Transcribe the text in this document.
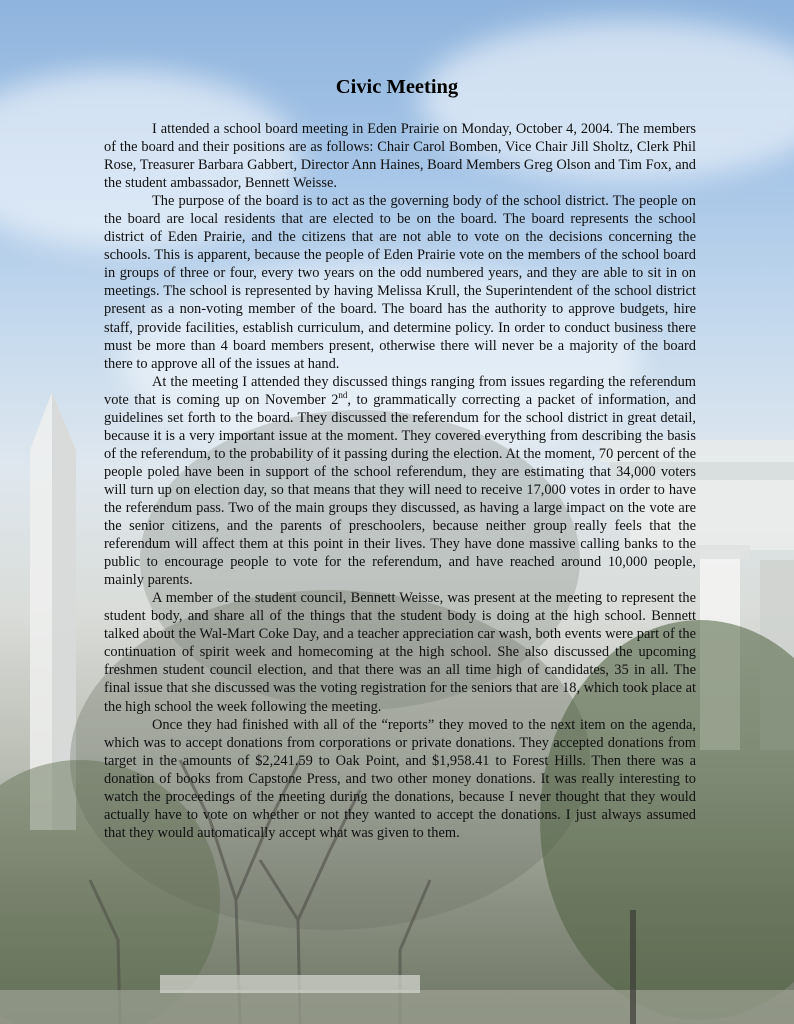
Civic Meeting

I attended a school board meeting in Eden Prairie on Monday, October 4, 2004. The members of the board and their positions are as follows: Chair Carol Bomben, Vice Chair Jill Sholtz, Clerk Phil Rose, Treasurer Barbara Gabbert, Director Ann Haines, Board Members Greg Olson and Tim Fox, and the student ambassador, Bennett Weisse.

The purpose of the board is to act as the governing body of the school district. The people on the board are local residents that are elected to be on the board. The board represents the school district of Eden Prairie, and the citizens that are not able to vote on the decisions concerning the schools. This is apparent, because the people of Eden Prairie vote on the members of the school board in groups of three or four, every two years on the odd numbered years, and they are able to sit in on meetings. The school is represented by having Melissa Krull, the Superintendent of the school district present as a non-voting member of the board. The board has the authority to approve budgets, hire staff, provide facilities, establish curriculum, and determine policy. In order to conduct business there must be more than 4 board members present, otherwise there will never be a majority of the board there to approve all of the issues at hand.

At the meeting I attended they discussed things ranging from issues regarding the referendum vote that is coming up on November 2nd, to grammatically correcting a packet of information, and guidelines set forth to the board. They discussed the referendum for the school district in great detail, because it is a very important issue at the moment. They covered everything from describing the basis of the referendum, to the probability of it passing during the election. At the moment, 70 percent of the people poled have been in support of the school referendum, they are estimating that 34,000 voters will turn up on election day, so that means that they will need to receive 17,000 votes in order to have the referendum pass. Two of the main groups they discussed, as having a large impact on the vote are the senior citizens, and the parents of preschoolers, because neither group really feels that the referendum will affect them at this point in their lives. They have done massive calling banks to the public to encourage people to vote for the referendum, and have reached around 10,000 people, mainly parents.

A member of the student council, Bennett Weisse, was present at the meeting to represent the student body, and share all of the things that the student body is doing at the high school. Bennett talked about the Wal-Mart Coke Day, and a teacher appreciation car wash, both events were part of the continuation of spirit week and homecoming at the high school. She also discussed the upcoming freshmen student council election, and that there was an all time high of candidates, 35 in all. The final issue that she discussed was the voting registration for the seniors that are 18, which took place at the high school the week following the meeting.

Once they had finished with all of the “reports” they moved to the next item on the agenda, which was to accept donations from corporations or private donations. They accepted donations from target in the amounts of $2,241.59 to Oak Point, and $1,958.41 to Forest Hills. Then there was a donation of books from Capstone Press, and two other money donations. It was really interesting to watch the proceedings of the meeting during the donations, because I never thought that they would actually have to vote on whether or not they wanted to accept the donations. I just always assumed that they would automatically accept what was given to them.
